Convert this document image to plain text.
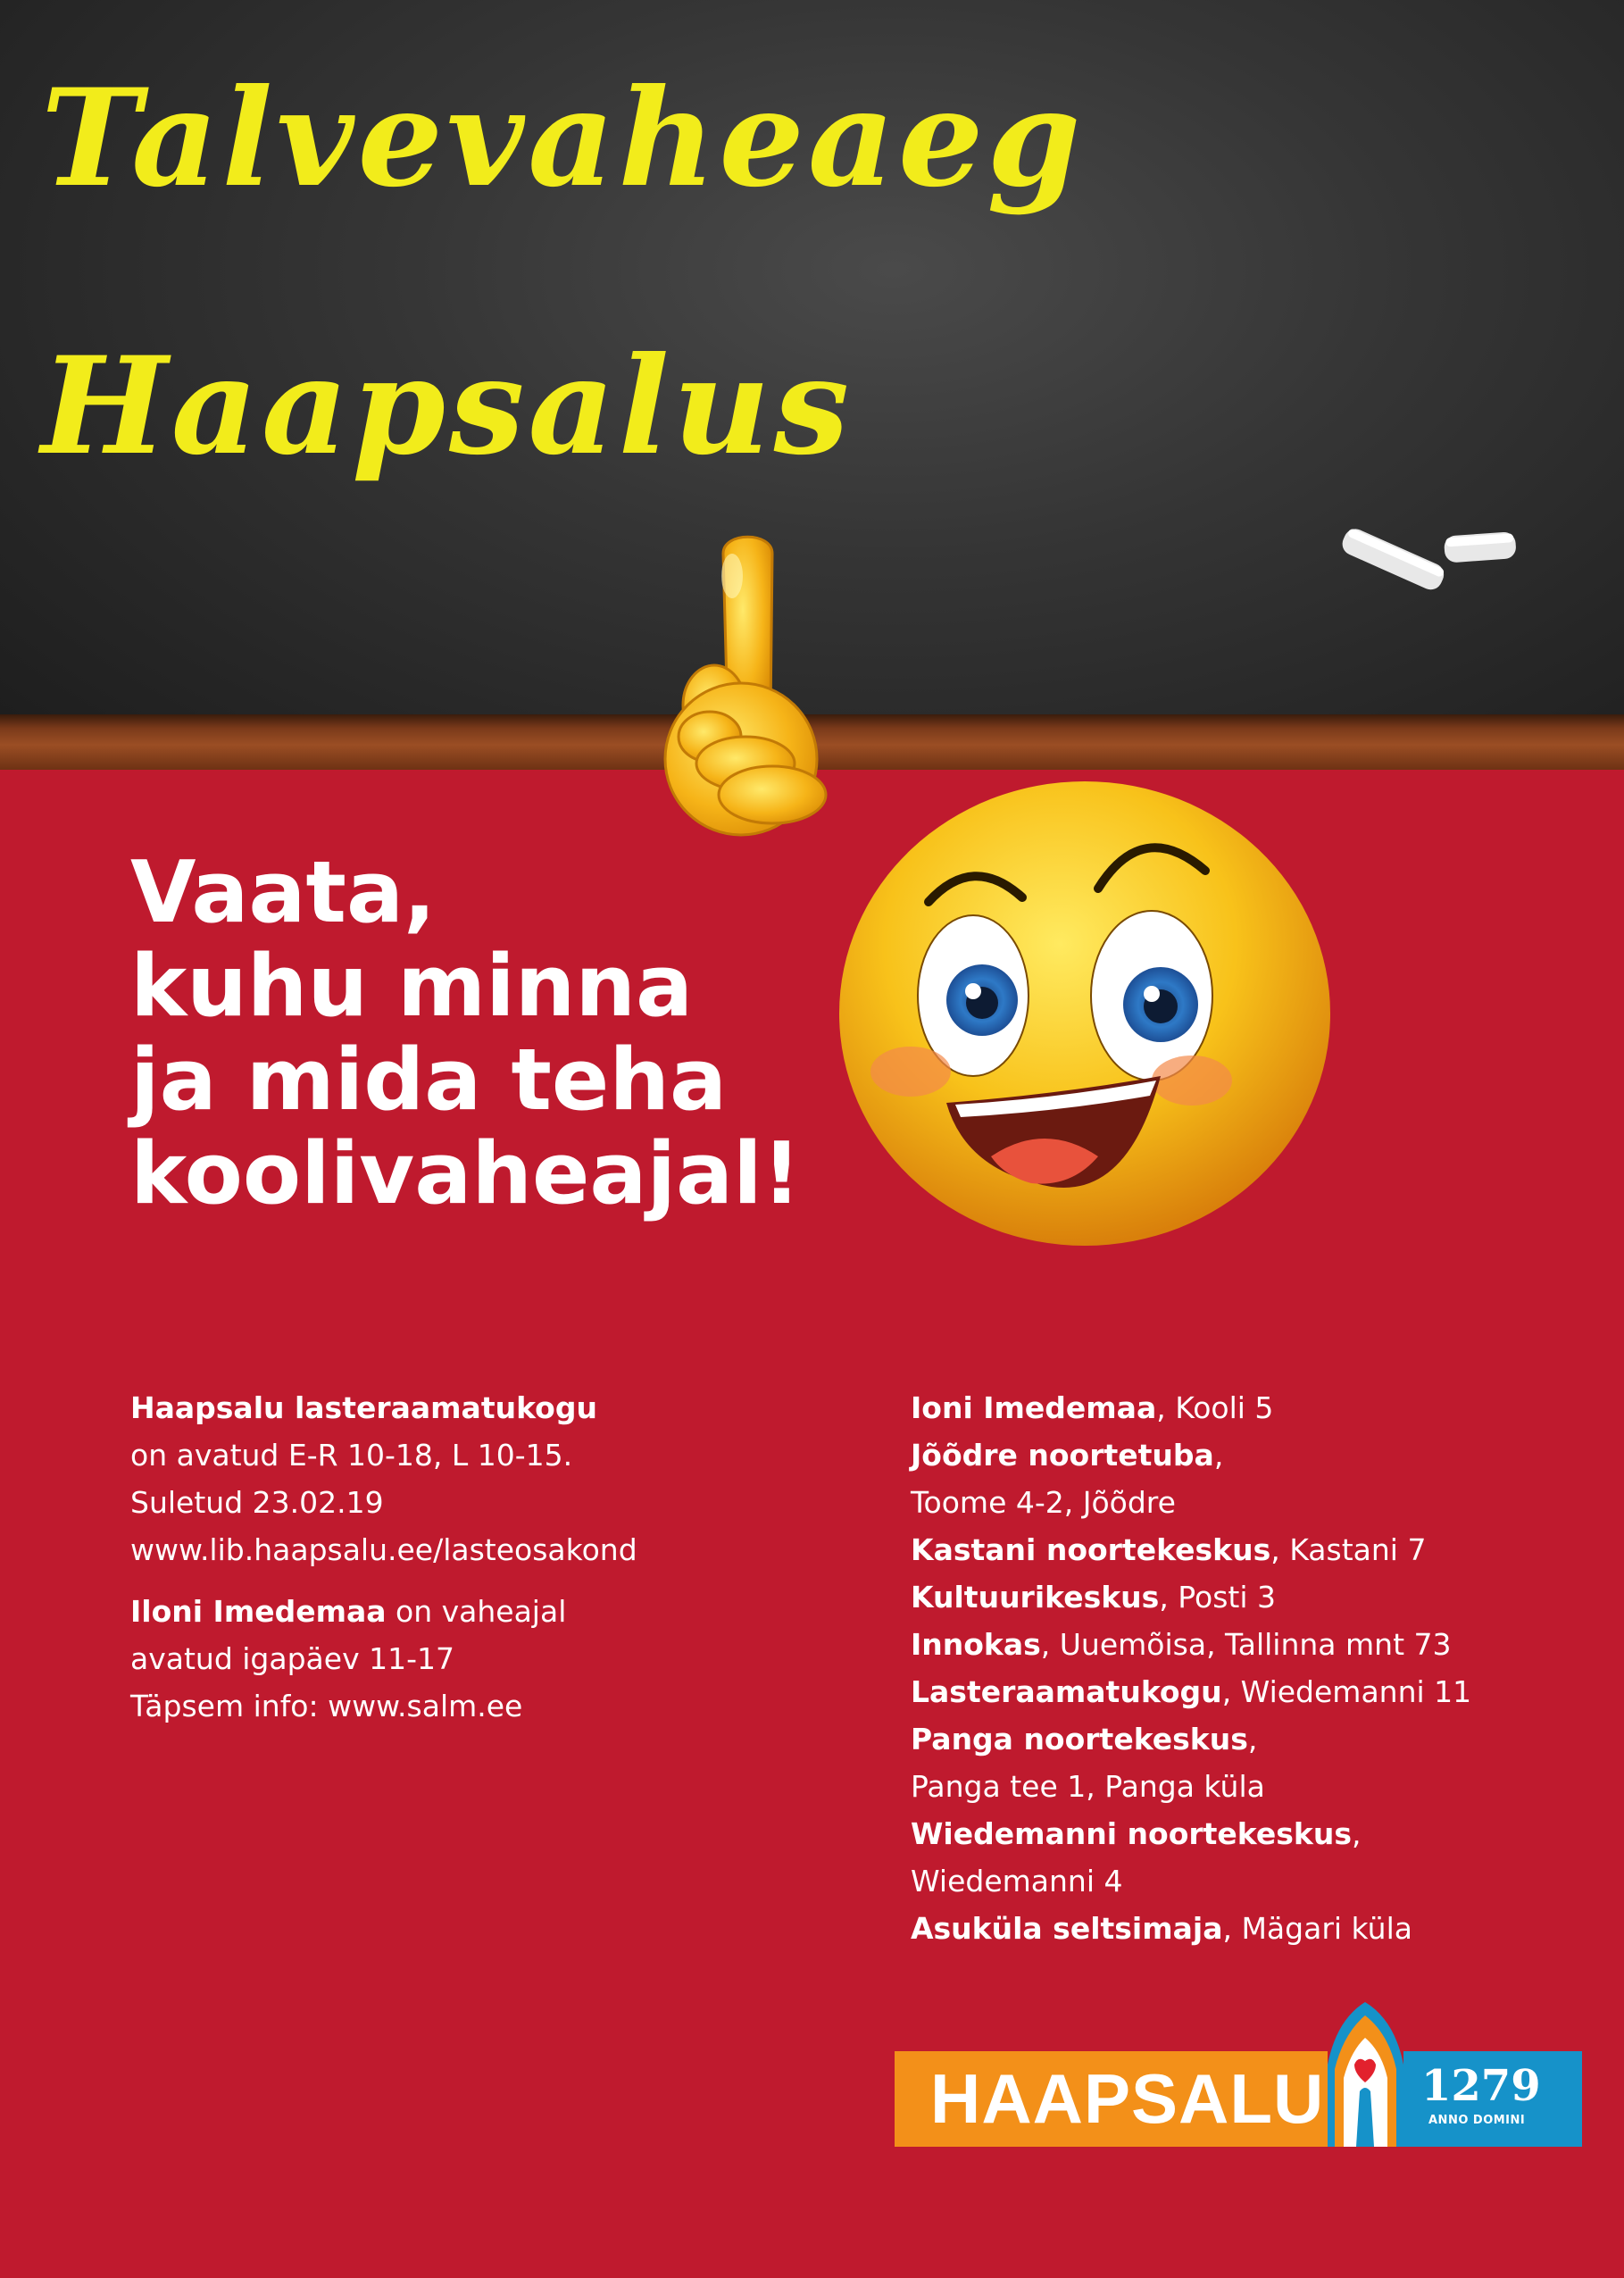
Talvevaheaeg
Haapsalus
Vaata,
kuhu minna
ja mida teha
koolivaheajal!

Haapsalu lasteraamatukogu

on avatud E-R 10-18, L 10-15.

Suletud 23.02.19

www.lib.haapsalu.ee/lasteosakond

Iloni Imedemaa on vaheajal

avatud igapäev 11-17

Täpsem info: www.salm.ee

Ioni Imedemaa, Kooli 5

Jõõdre noortetuba,

Toome 4-2, Jõõdre

Kastani noortekeskus, Kastani 7

Kultuurikeskus, Posti 3

Innokas, Uuemõisa, Tallinna mnt 73

Lasteraamatukogu, Wiedemanni 11

Panga noortekeskus,

Panga tee 1, Panga küla

Wiedemanni noortekeskus,

Wiedemanni 4

Asuküla seltsimaja, Mägari küla

HAAPSALU 1279
ANNO DOMINI
